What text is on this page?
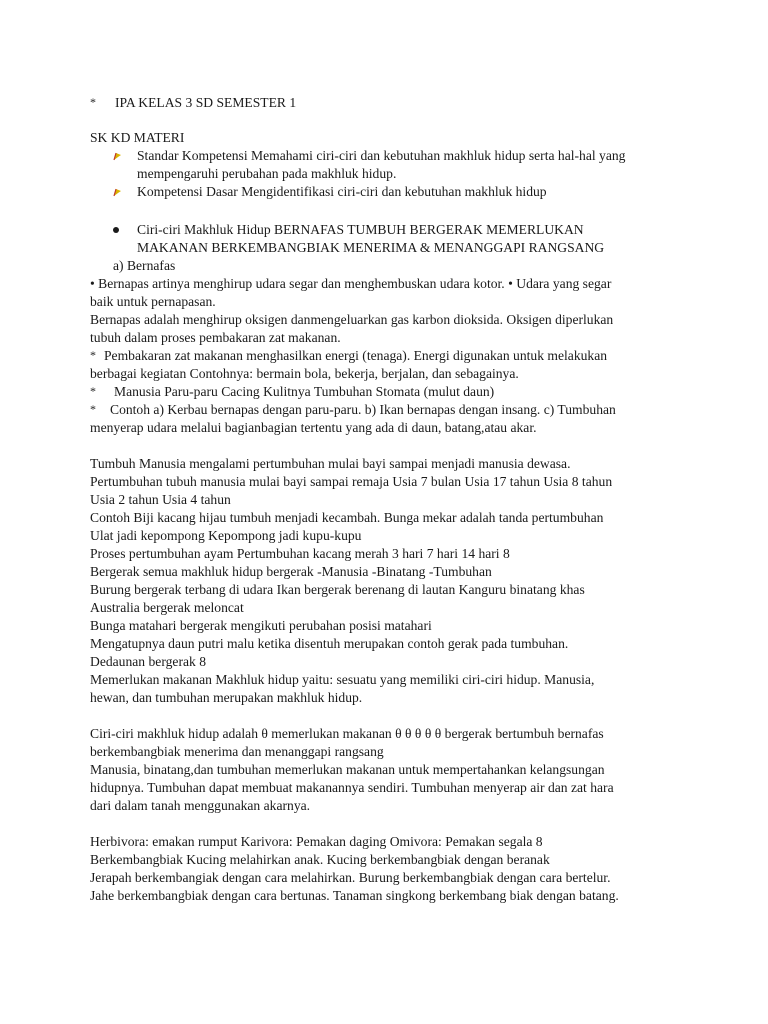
* IPA KELAS 3 SD SEMESTER 1
SK KD MATERI
Standar Kompetensi Memahami ciri-ciri dan kebutuhan makhluk hidup serta hal-hal yang
mempengaruhi perubahan pada makhluk hidup.
Kompetensi Dasar Mengidentifikasi ciri-ciri dan kebutuhan makhluk hidup
Ciri-ciri Makhluk Hidup BERNAFAS TUMBUH BERGERAK MEMERLUKAN
MAKANAN BERKEMBANGBIAK MENERIMA & MENANGGAPI RANGSANG
a) Bernafas
• Bernapas artinya menghirup udara segar dan menghembuskan udara kotor. • Udara yang segar
baik untuk pernapasan.
Bernapas adalah menghirup oksigen danmengeluarkan gas karbon dioksida. Oksigen diperlukan
tubuh dalam proses pembakaran zat makanan.
* Pembakaran zat makanan menghasilkan energi (tenaga). Energi digunakan untuk melakukan
berbagai kegiatan Contohnya: bermain bola, bekerja, berjalan, dan sebagainya.
* Manusia Paru-paru Cacing Kulitnya Tumbuhan Stomata (mulut daun)
* Contoh a) Kerbau bernapas dengan paru-paru. b) Ikan bernapas dengan insang. c) Tumbuhan
menyerap udara melalui bagianbagian tertentu yang ada di daun, batang,atau akar.
Tumbuh Manusia mengalami pertumbuhan mulai bayi sampai menjadi manusia dewasa.
Pertumbuhan tubuh manusia mulai bayi sampai remaja Usia 7 bulan Usia 17 tahun Usia 8 tahun
Usia 2 tahun Usia 4 tahun
Contoh Biji kacang hijau tumbuh menjadi kecambah. Bunga mekar adalah tanda pertumbuhan
Ulat jadi kepompong Kepompong jadi kupu-kupu
Proses pertumbuhan ayam Pertumbuhan kacang merah 3 hari 7 hari 14 hari 8
Bergerak semua makhluk hidup bergerak -Manusia -Binatang -Tumbuhan
Burung bergerak terbang di udara Ikan bergerak berenang di lautan Kanguru binatang khas
Australia bergerak meloncat
Bunga matahari bergerak mengikuti perubahan posisi matahari
Mengatupnya daun putri malu ketika disentuh merupakan contoh gerak pada tumbuhan.
Dedaunan bergerak 8
Memerlukan makanan Makhluk hidup yaitu: sesuatu yang memiliki ciri-ciri hidup. Manusia,
hewan, dan tumbuhan merupakan makhluk hidup.
Ciri-ciri makhluk hidup adalah θ memerlukan makanan θ θ θ θ θ bergerak bertumbuh bernafas
berkembangbiak menerima dan menanggapi rangsang
Manusia, binatang,dan tumbuhan memerlukan makanan untuk mempertahankan kelangsungan
hidupnya. Tumbuhan dapat membuat makanannya sendiri. Tumbuhan menyerap air dan zat hara
dari dalam tanah menggunakan akarnya.
Herbivora: emakan rumput Karivora: Pemakan daging Omivora: Pemakan segala 8
Berkembangbiak Kucing melahirkan anak. Kucing berkembangbiak dengan beranak
Jerapah berkembangiak dengan cara melahirkan. Burung berkembangbiak dengan cara bertelur.
Jahe berkembangbiak dengan cara bertunas. Tanaman singkong berkembang biak dengan batang.
